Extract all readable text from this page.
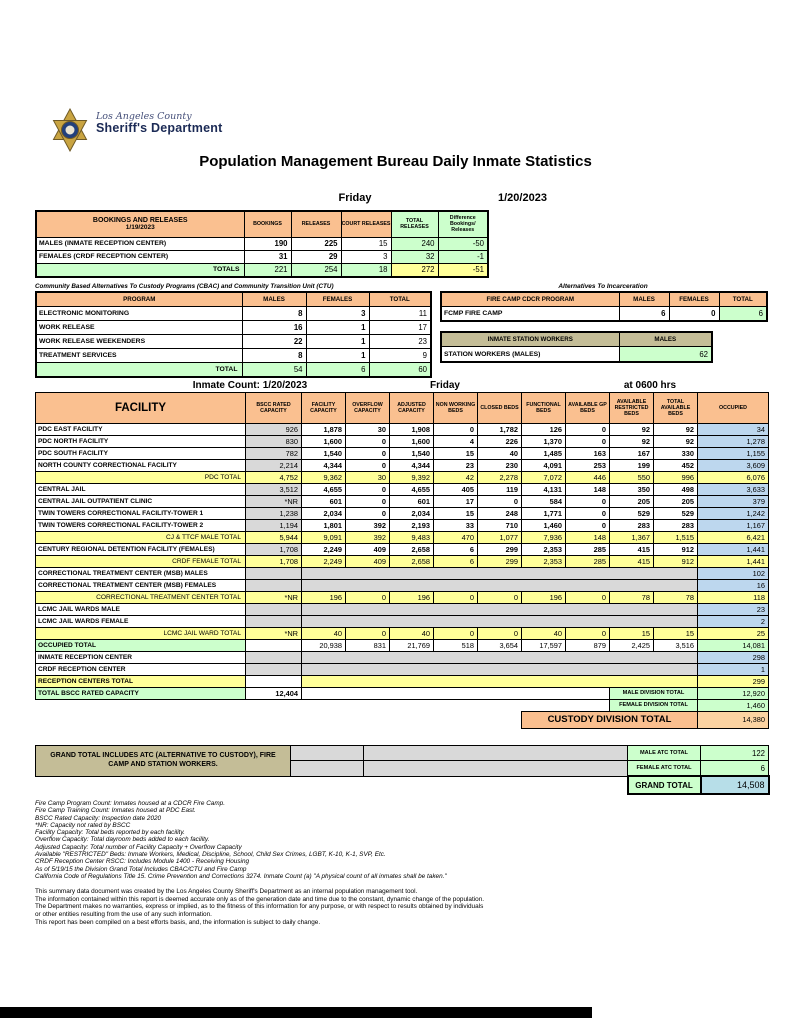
Los Angeles County
Sheriff's Department
Population Management Bureau Daily Inmate Statistics
Friday	1/20/2023
BOOKINGS AND RELEASES
1/19/2023	BOOKINGS	RELEASES	COURT RELEASES	TOTAL RELEASES	Difference Bookings/ Releases
MALES (INMATE RECEPTION CENTER)	190	225	15	240	-50
FEMALES (CRDF RECEPTION CENTER)	31	29	3	32	-1
TOTALS	221	254	18	272	-51
Community Based Alternatives To Custody Programs (CBAC) and Community Transition Unit (CTU)
PROGRAM	MALES	FEMALES	TOTAL
ELECTRONIC MONITORING	8	3	11
WORK RELEASE	16	1	17
WORK RELEASE WEEKENDERS	22	1	23
TREATMENT SERVICES	8	1	9
TOTAL	54	6	60
Alternatives To Incarceration
FIRE CAMP CDCR PROGRAM	MALES	FEMALES	TOTAL
FCMP FIRE CAMP	6	0	6
INMATE STATION WORKERS	MALES
STATION WORKERS (MALES)	62
Inmate Count: 1/20/2023	Friday	at 0600 hrs
FACILITY	BSCC RATED CAPACITY	FACILITY CAPACITY	OVERFLOW CAPACITY	ADJUSTED CAPACITY	NON WORKING BEDS	CLOSED BEDS	FUNCTIONAL BEDS	AVAILABLE GP BEDS	AVAILABLE RESTRICTED BEDS	TOTAL AVAILABLE BEDS	OCCUPIED
PDC EAST FACILITY	926	1,878	30	1,908	0	1,782	126	0	92	92	34
PDC NORTH FACILITY	830	1,600	0	1,600	4	226	1,370	0	92	92	1,278
PDC SOUTH FACILITY	782	1,540	0	1,540	15	40	1,485	163	167	330	1,155
NORTH COUNTY CORRECTIONAL FACILITY	2,214	4,344	0	4,344	23	230	4,091	253	199	452	3,609
PDC TOTAL	4,752	9,362	30	9,392	42	2,278	7,072	446	550	996	6,076
CENTRAL JAIL	3,512	4,655	0	4,655	405	119	4,131	148	350	498	3,633
CENTRAL JAIL OUTPATIENT CLINIC	*NR	601	0	601	17	0	584	0	205	205	379
TWIN TOWERS CORRECTIONAL FACILITY-TOWER 1	1,238	2,034	0	2,034	15	248	1,771	0	529	529	1,242
TWIN TOWERS CORRECTIONAL FACILITY-TOWER 2	1,194	1,801	392	2,193	33	710	1,460	0	283	283	1,167
CJ & TTCF MALE TOTAL	5,944	9,091	392	9,483	470	1,077	7,936	148	1,367	1,515	6,421
CENTURY REGIONAL DETENTION FACILITY (FEMALES)	1,708	2,249	409	2,658	6	299	2,353	285	415	912	1,441
CRDF FEMALE TOTAL	1,708	2,249	409	2,658	6	299	2,353	285	415	912	1,441
CORRECTIONAL TREATMENT CENTER (MSB) MALES											102
CORRECTIONAL TREATMENT CENTER (MSB) FEMALES											16
CORRECTIONAL TREATMENT CENTER TOTAL	*NR	196	0	196	0	0	196	0	78	78	118
LCMC JAIL WARDS MALE											23
LCMC JAIL WARDS FEMALE											2
LCMC JAIL WARD TOTAL	*NR	40	0	40	0	0	40	0	15	15	25
OCCUPIED TOTAL		20,938	831	21,769	518	3,654	17,597	879	2,425	3,516	14,081
INMATE RECEPTION CENTER											298
CRDF RECEPTION CENTER											1
RECEPTION CENTERS TOTAL											299
TOTAL BSCC RATED CAPACITY	12,404								MALE DIVISION TOTAL		12,920
									FEMALE DIVISION TOTAL		1,460
							CUSTODY DIVISION TOTAL				14,380
GRAND TOTAL INCLUDES ATC (ALTERNATIVE TO CUSTODY), FIRE CAMP AND STATION WORKERS.			MALE ATC TOTAL	122
			FEMALE ATC TOTAL	6
			GRAND TOTAL	14,508
Fire Camp Program Count: Inmates housed at a CDCR Fire Camp.
Fire Camp Training Count: Inmates housed at PDC East.
BSCC Rated Capacity: Inspection date 2020
*NR: Capacity not rated by BSCC
Facility Capacity: Total beds reported by each facility.
Overflow Capacity: Total dayroom beds added to each facility.
Adjusted Capacity: Total number of Facility Capacity + Overflow Capacity
Available "RESTRICTED" Beds: Inmate Workers, Medical, Discipline, School, Child Sex Crimes, LGBT, K-10, K-1, SVP, Etc.
CRDF Reception Center RSCC: Includes Module 1400 - Receiving Housing
As of 5/19/15 the Division Grand Total Includes CBAC/CTU and Fire Camp
California Code of Regulations Title 15. Crime Prevention and Corrections 3274. Inmate Count (a) "A physical count of all inmates shall be taken."
This summary data document was created by the Los Angeles County Sheriff's Department as an internal population management tool.
The information contained within this report is deemed accurate only as of the generation date and time due to the constant, dynamic change of the population.
The Department makes no warranties, express or implied, as to the fitness of this information for any purpose, or with respect to results obtained by individuals
or other entities resulting from the use of any such information.
This report has been compiled on a best efforts basis, and, the information is subject to daily change.
